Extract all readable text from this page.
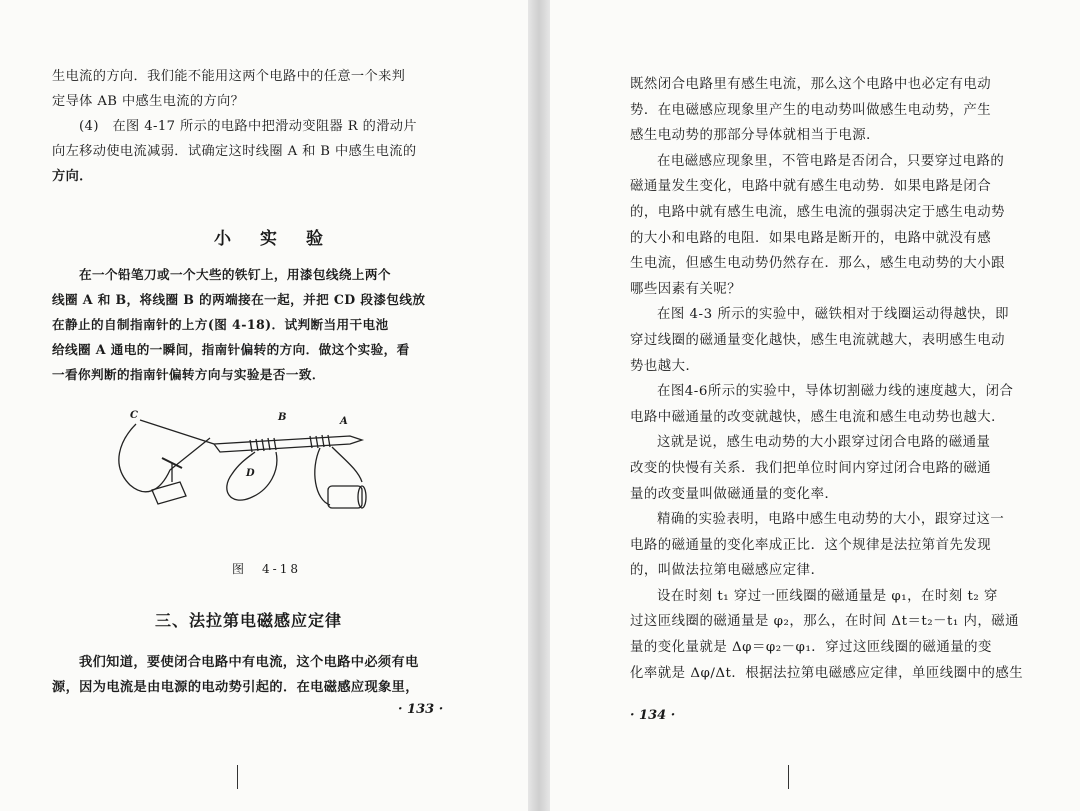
生电流的方向．我们能不能用这两个电路中的任意一个来判
定导体 AB 中感生电流的方向？
(4)　在图 4-17 所示的电路中把滑动变阻器 R 的滑动片
向左移动使电流减弱．试确定这时线圈 A 和 B 中感生电流的
方向．
小　实　验
在一个铅笔刀或一个大些的铁钉上，用漆包线绕上两个
线圈 A 和 B，将线圈 B 的两端接在一起，并把 CD 段漆包线放
在静止的自制指南针的上方(图 4-18)．试判断当用干电池
给线圈 A 通电的一瞬间，指南针偏转的方向．做这个实验，看
一看你判断的指南针偏转方向与实验是否一致．
C	B	A
D
图　4-18
三、法拉第电磁感应定律
我们知道，要使闭合电路中有电流，这个电路中必须有电
源，因为电流是由电源的电动势引起的．在电磁感应现象里，
· 133 ·
既然闭合电路里有感生电流，那么这个电路中也必定有电动
势．在电磁感应现象里产生的电动势叫做感生电动势，产生
感生电动势的那部分导体就相当于电源．
在电磁感应现象里，不管电路是否闭合，只要穿过电路的
磁通量发生变化，电路中就有感生电动势．如果电路是闭合
的，电路中就有感生电流，感生电流的强弱决定于感生电动势
的大小和电路的电阻．如果电路是断开的，电路中就没有感
生电流，但感生电动势仍然存在．那么，感生电动势的大小跟
哪些因素有关呢？
在图 4-3 所示的实验中，磁铁相对于线圈运动得越快，即
穿过线圈的磁通量变化越快，感生电流就越大，表明感生电动
势也越大．
在图4-6所示的实验中，导体切割磁力线的速度越大，闭合
电路中磁通量的改变就越快，感生电流和感生电动势也越大．
这就是说，感生电动势的大小跟穿过闭合电路的磁通量
改变的快慢有关系．我们把单位时间内穿过闭合电路的磁通
量的改变量叫做磁通量的变化率．
精确的实验表明，电路中感生电动势的大小，跟穿过这一
电路的磁通量的变化率成正比．这个规律是法拉第首先发现
的，叫做法拉第电磁感应定律．
设在时刻 t₁ 穿过一匝线圈的磁通量是 φ₁，在时刻 t₂ 穿
过这匝线圈的磁通量是 φ₂，那么，在时间 Δt＝t₂－t₁ 内，磁通
量的变化量就是 Δφ＝φ₂－φ₁．穿过这匝线圈的磁通量的变
化率就是 Δφ/Δt．根据法拉第电磁感应定律，单匝线圈中的感生
· 134 ·
